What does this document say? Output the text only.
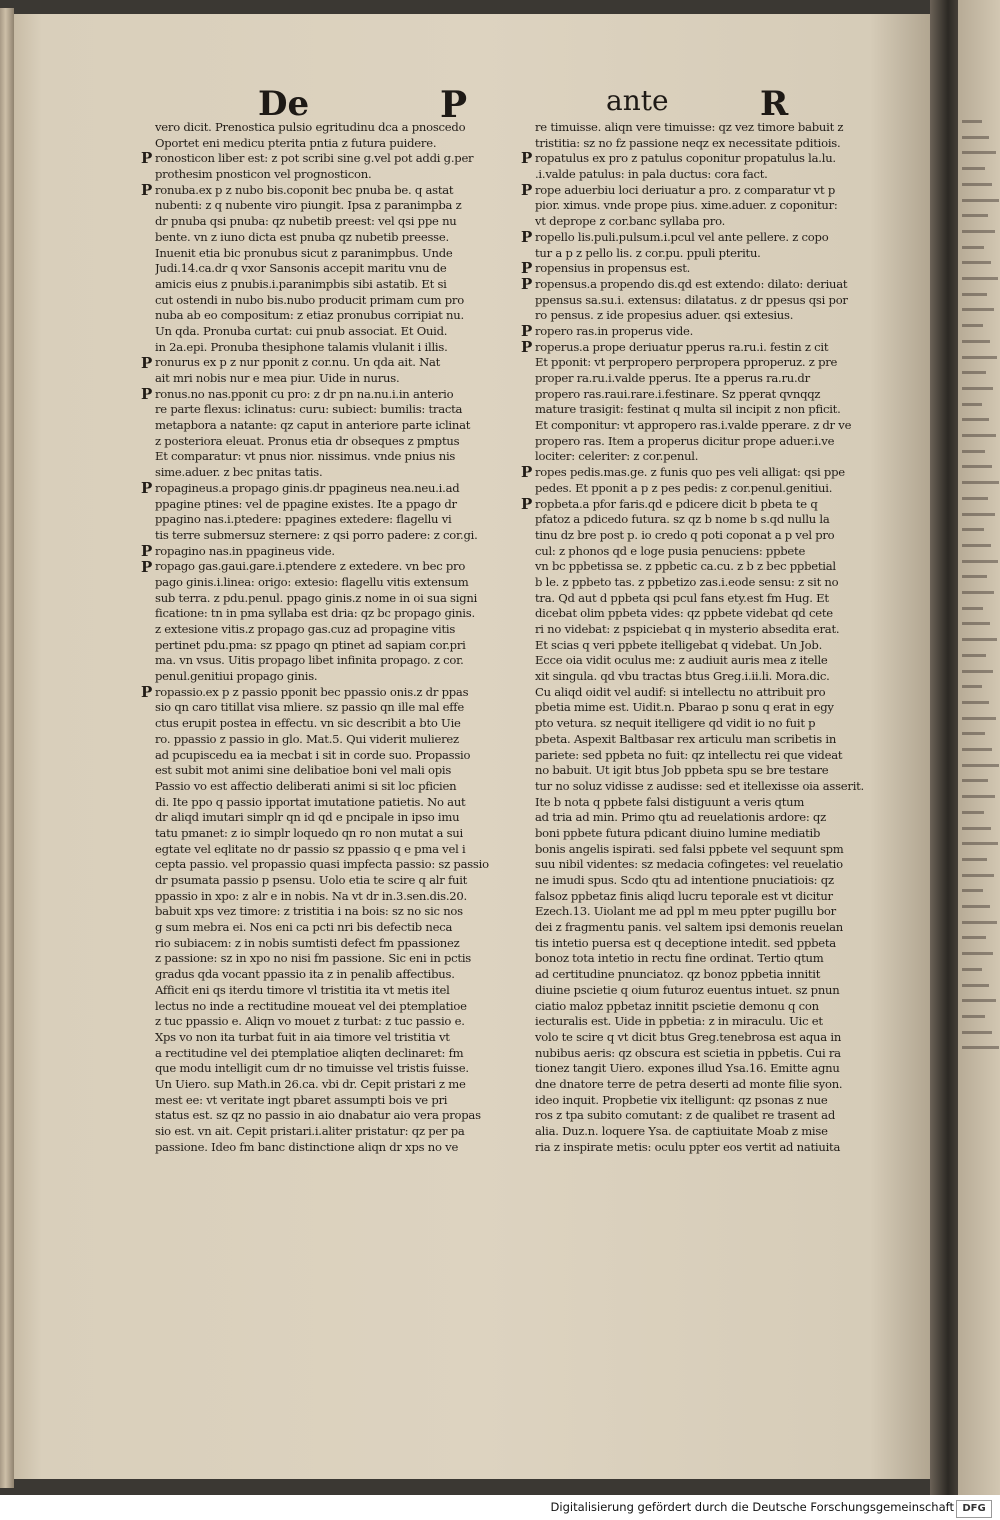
De	P	ante	R
vero dicit. Prenostica pulsio egritudinu dca a pnoscedo
Oportet eni medicu pterita pntia z futura puidere.
ronosticon liber est: z pot scribi sine g.vel pot addi g.per
prothesim pnosticon vel prognosticon.
ronuba.ex p z nubo bis.coponit bec pnuba be. q astat
nubenti: z q nubente viro piungit. Ipsa z paranimpba z
dr pnuba qsi pnuba: qz nubetib preest: vel qsi ppe nu
bente. vn z iuno dicta est pnuba qz nubetib preesse.
Inuenit etia bic pronubus sicut z paranimpbus. Unde
Judi.14.ca.dr q vxor Sansonis accepit maritu vnu de
amicis eius z pnubis.i.paranimpbis sibi astatib. Et si
cut ostendi in nubo bis.nubo producit primam cum pro
nuba ab eo compositum: z etiaz pronubus corripiat nu.
Un qda. Pronuba curtat: cui pnub associat. Et Ouid.
in 2a.epi. Pronuba thesiphone talamis vlulanit i illis.
ronurus ex p z nur pponit z cor.nu. Un qda ait. Nat
ait mri nobis nur e mea piur. Uide in nurus.
ronus.no nas.pponit cu pro: z dr pn na.nu.i.in anterio
re parte flexus: iclinatus: curu: subiect: bumilis: tracta
metapbora a natante: qz caput in anteriore parte iclinat
z posteriora eleuat. Pronus etia dr obseques z pmptus
Et comparatur: vt pnus nior. nissimus. vnde pnius nis
sime.aduer. z bec pnitas tatis.
ropagineus.a propago ginis.dr ppagineus nea.neu.i.ad
ppagine ptines: vel de ppagine existes. Ite a ppago dr
ppagino nas.i.ptedere: ppagines extedere: flagellu vi
tis terre submersuz sternere: z qsi porro padere: z cor.gi.
ropagino nas.in ppagineus vide.
ropago gas.gaui.gare.i.ptendere z extedere. vn bec pro
pago ginis.i.linea: origo: extesio: flagellu vitis extensum
sub terra. z pdu.penul. ppago ginis.z nome in oi sua signi
ficatione: tn in pma syllaba est dria: qz bc propago ginis.
z extesione vitis.z propago gas.cuz ad propagine vitis
pertinet pdu.pma: sz ppago qn ptinet ad sapiam cor.pri
ma. vn vsus. Uitis propago libet infinita propago. z cor.
penul.genitiui propago ginis.
ropassio.ex p z passio pponit bec ppassio onis.z dr ppas
sio qn caro titillat visa mliere. sz passio qn ille mal effe
ctus erupit postea in effectu. vn sic describit a bto Uie
ro. ppassio z passio in glo. Mat.5. Qui viderit mulierez
ad pcupiscedu ea ia mecbat i sit in corde suo. Propassio
est subit mot animi sine delibatioe boni vel mali opis
Passio vo est affectio deliberati animi si sit loc pficien
di. Ite ppo q passio ipportat imutatione patietis. No aut
dr aliqd imutari simplr qn id qd e pncipale in ipso imu
tatu pmanet: z io simplr loquedo qn ro non mutat a sui
egtate vel eqlitate no dr passio sz ppassio q e pma vel i
cepta passio. vel propassio quasi impfecta passio: sz passio
dr psumata passio p psensu. Uolo etia te scire q alr fuit
ppassio in xpo: z alr e in nobis. Na vt dr in.3.sen.dis.20.
babuit xps vez timore: z tristitia i na bois: sz no sic nos
g sum mebra ei. Nos eni ca pcti nri bis defectib neca
rio subiacem: z in nobis sumtisti defect fm ppassionez
z passione: sz in xpo no nisi fm passione. Sic eni in pctis
gradus qda vocant ppassio ita z in penalib affectibus.
Afficit eni qs iterdu timore vl tristitia ita vt metis itel
lectus no inde a rectitudine moueat vel dei ptemplatioe
z tuc ppassio e. Aliqn vo mouet z turbat: z tuc passio e.
Xps vo non ita turbat fuit in aia timore vel tristitia vt
a rectitudine vel dei ptemplatioe aliqten declinaret: fm
que modu intelligit cum dr no timuisse vel tristis fuisse.
Un Uiero. sup Math.in 26.ca. vbi dr. Cepit pristari z me
mest ee: vt veritate ingt pbaret assumpti bois ve pri
status est. sz qz no passio in aio dnabatur aio vera propas
sio est. vn ait. Cepit pristari.i.aliter pristatur: qz per pa
passione. Ideo fm banc distinctione aliqn dr xps no ve
P
P
P
P
P
P
P
P
re timuisse. aliqn vere timuisse: qz vez timore babuit z
tristitia: sz no fz passione neqz ex necessitate pditiois.
ropatulus ex pro z patulus coponitur propatulus la.lu.
.i.valde patulus: in pala ductus: cora fact.
rope aduerbiu loci deriuatur a pro. z comparatur vt p
pior. ximus. vnde prope pius. xime.aduer. z coponitur:
vt deprope z cor.banc syllaba pro.
ropello lis.puli.pulsum.i.pcul vel ante pellere. z copo
tur a p z pello lis. z cor.pu. ppuli pteritu.
ropensius in propensus est.
ropensus.a propendo dis.qd est extendo: dilato: deriuat
ppensus sa.su.i. extensus: dilatatus. z dr ppesus qsi por
ro pensus. z ide propesius aduer. qsi extesius.
ropero ras.in properus vide.
roperus.a prope deriuatur pperus ra.ru.i. festin z cit
Et pponit: vt perpropero perpropera pproperuz. z pre
proper ra.ru.i.valde pperus. Ite a pperus ra.ru.dr
propero ras.raui.rare.i.festinare. Sz pperat qvnqqz
mature trasigit: festinat q multa sil incipit z non pficit.
Et componitur: vt appropero ras.i.valde pperare. z dr ve
propero ras. Item a properus dicitur prope aduer.i.ve
lociter: celeriter: z cor.penul.
ropes pedis.mas.ge. z funis quo pes veli alligat: qsi ppe
pedes. Et pponit a p z pes pedis: z cor.penul.genitiui.
ropbeta.a pfor faris.qd e pdicere dicit b pbeta te q
pfatoz a pdicedo futura. sz qz b nome b s.qd nullu la
tinu dz bre post p. io credo q poti coponat a p vel pro
cul: z phonos qd e loge pusia penuciens: ppbete
vn bc ppbetissa se. z ppbetic ca.cu. z b z bec ppbetial
b le. z ppbeto tas. z ppbetizo zas.i.eode sensu: z sit no
tra. Qd aut d ppbeta qsi pcul fans ety.est fm Hug. Et
dicebat olim ppbeta vides: qz ppbete videbat qd cete
ri no videbat: z pspiciebat q in mysterio absedita erat.
Et scias q veri ppbete itelligebat q videbat. Un Job.
Ecce oia vidit oculus me: z audiuit auris mea z itelle
xit singula. qd vbu tractas btus Greg.i.ii.li. Mora.dic.
Cu aliqd oidit vel audif: si intellectu no attribuit pro
pbetia mime est. Uidit.n. Pbarao p sonu q erat in egy
pto vetura. sz nequit itelligere qd vidit io no fuit p
pbeta. Aspexit Baltbasar rex articulu man scribetis in
pariete: sed ppbeta no fuit: qz intellectu rei que videat
no babuit. Ut igit btus Job ppbeta spu se bre testare
tur no soluz vidisse z audisse: sed et itellexisse oia asserit.
Ite b nota q ppbete falsi distiguunt a veris qtum
ad tria ad min. Primo qtu ad reuelationis ardore: qz
boni ppbete futura pdicant diuino lumine mediatib
bonis angelis ispirati. sed falsi ppbete vel sequunt spm
suu nibil videntes: sz medacia cofingetes: vel reuelatio
ne imudi spus. Scdo qtu ad intentione pnuciatiois: qz
falsoz ppbetaz finis aliqd lucru teporale est vt dicitur
Ezech.13. Uiolant me ad ppl m meu ppter pugillu bor
dei z fragmentu panis. vel saltem ipsi demonis reuelan
tis intetio puersa est q deceptione intedit. sed ppbeta
bonoz tota intetio in rectu fine ordinat. Tertio qtum
ad certitudine pnunciatoz. qz bonoz ppbetia innitit
diuine pscietie q oium futuroz euentus intuet. sz pnun
ciatio maloz ppbetaz innitit pscietie demonu q con
iecturalis est. Uide in ppbetia: z in miraculu. Uic et
volo te scire q vt dicit btus Greg.tenebrosa est aqua in
nubibus aeris: qz obscura est scietia in ppbetis. Cui ra
tionez tangit Uiero. expones illud Ysa.16. Emitte agnu
dne dnatore terre de petra deserti ad monte filie syon.
ideo inquit. Propbetie vix itelligunt: qz psonas z nue
ros z tpa subito comutant: z de qualibet re trasent ad
alia. Duz.n. loquere Ysa. de captiuitate Moab z mise
ria z inspirate metis: oculu ppter eos vertit ad natiuita
P
P
P
P
P
P
P
P
P
Digitalisierung gefördert durch die Deutsche Forschungsgemeinschaft DFG
